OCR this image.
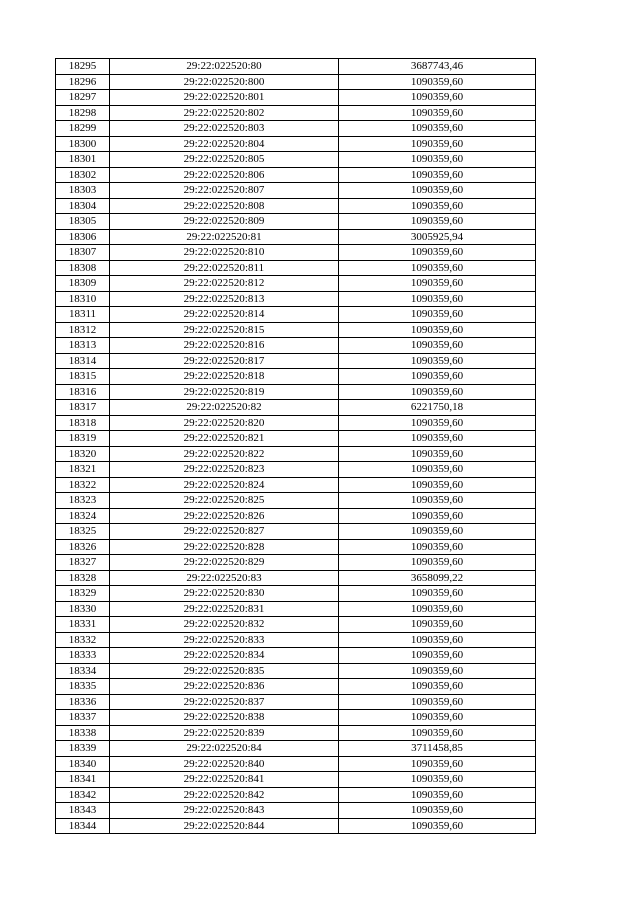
18295	29:22:022520:80	3687743,46
18296	29:22:022520:800	1090359,60
18297	29:22:022520:801	1090359,60
18298	29:22:022520:802	1090359,60
18299	29:22:022520:803	1090359,60
18300	29:22:022520:804	1090359,60
18301	29:22:022520:805	1090359,60
18302	29:22:022520:806	1090359,60
18303	29:22:022520:807	1090359,60
18304	29:22:022520:808	1090359,60
18305	29:22:022520:809	1090359,60
18306	29:22:022520:81	3005925,94
18307	29:22:022520:810	1090359,60
18308	29:22:022520:811	1090359,60
18309	29:22:022520:812	1090359,60
18310	29:22:022520:813	1090359,60
18311	29:22:022520:814	1090359,60
18312	29:22:022520:815	1090359,60
18313	29:22:022520:816	1090359,60
18314	29:22:022520:817	1090359,60
18315	29:22:022520:818	1090359,60
18316	29:22:022520:819	1090359,60
18317	29:22:022520:82	6221750,18
18318	29:22:022520:820	1090359,60
18319	29:22:022520:821	1090359,60
18320	29:22:022520:822	1090359,60
18321	29:22:022520:823	1090359,60
18322	29:22:022520:824	1090359,60
18323	29:22:022520:825	1090359,60
18324	29:22:022520:826	1090359,60
18325	29:22:022520:827	1090359,60
18326	29:22:022520:828	1090359,60
18327	29:22:022520:829	1090359,60
18328	29:22:022520:83	3658099,22
18329	29:22:022520:830	1090359,60
18330	29:22:022520:831	1090359,60
18331	29:22:022520:832	1090359,60
18332	29:22:022520:833	1090359,60
18333	29:22:022520:834	1090359,60
18334	29:22:022520:835	1090359,60
18335	29:22:022520:836	1090359,60
18336	29:22:022520:837	1090359,60
18337	29:22:022520:838	1090359,60
18338	29:22:022520:839	1090359,60
18339	29:22:022520:84	3711458,85
18340	29:22:022520:840	1090359,60
18341	29:22:022520:841	1090359,60
18342	29:22:022520:842	1090359,60
18343	29:22:022520:843	1090359,60
18344	29:22:022520:844	1090359,60
